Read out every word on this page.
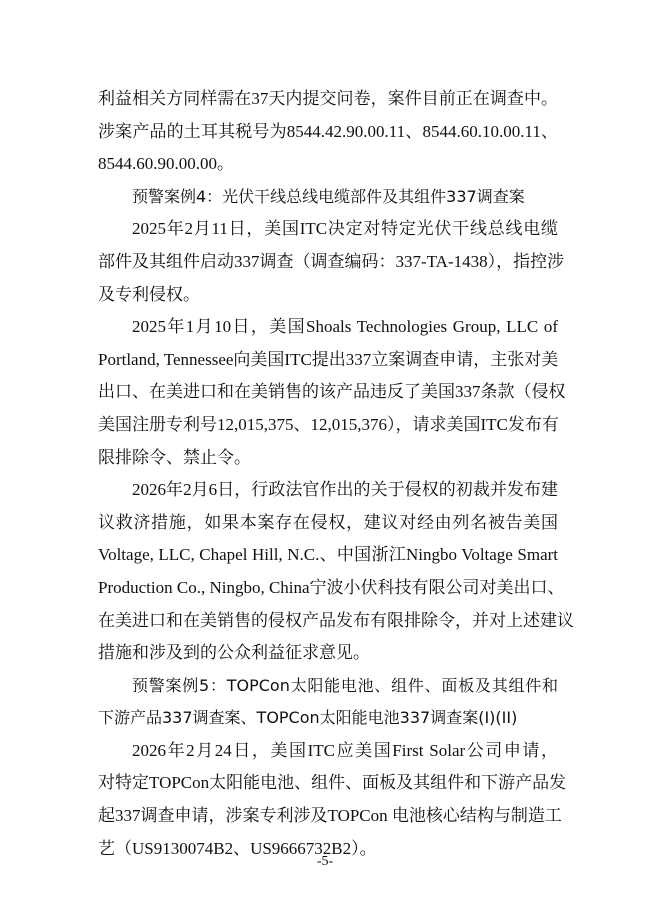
利益相关方同样需在37天内提交问卷，案件目前正在调查中。
涉案产品的土耳其税号为8544.42.90.00.11、8544.60.10.00.11、
8544.60.90.00.00。
预警案例4：光伏干线总线电缆部件及其组件337调查案
2025年2月11日，美国ITC决定对特定光伏干线总线电缆
部件及其组件启动337调查（调查编码：337-TA-1438），指控涉
及专利侵权。
2025年1月10日，美国Shoals Technologies Group, LLC of
Portland, Tennessee向美国ITC提出337立案调查申请，主张对美
出口、在美进口和在美销售的该产品违反了美国337条款（侵权
美国注册专利号12,015,375、12,015,376），请求美国ITC发布有
限排除令、禁止令。
2026年2月6日，行政法官作出的关于侵权的初裁并发布建
议救济措施，如果本案存在侵权，建议对经由列名被告美国
Voltage, LLC, Chapel Hill, N.C.、中国浙江Ningbo Voltage Smart
Production Co., Ningbo, China宁波小伏科技有限公司对美出口、
在美进口和在美销售的侵权产品发布有限排除令，并对上述建议
措施和涉及到的公众利益征求意见。
预警案例5：TOPCon太阳能电池、组件、面板及其组件和
下游产品337调查案、TOPCon太阳能电池337调查案(I)(II)
2026年2月24日，美国ITC应美国First Solar公司申请，
对特定TOPCon太阳能电池、组件、面板及其组件和下游产品发
起337调查申请，涉案专利涉及TOPCon 电池核心结构与制造工
艺（US9130074B2、US9666732B2）。
-5-
